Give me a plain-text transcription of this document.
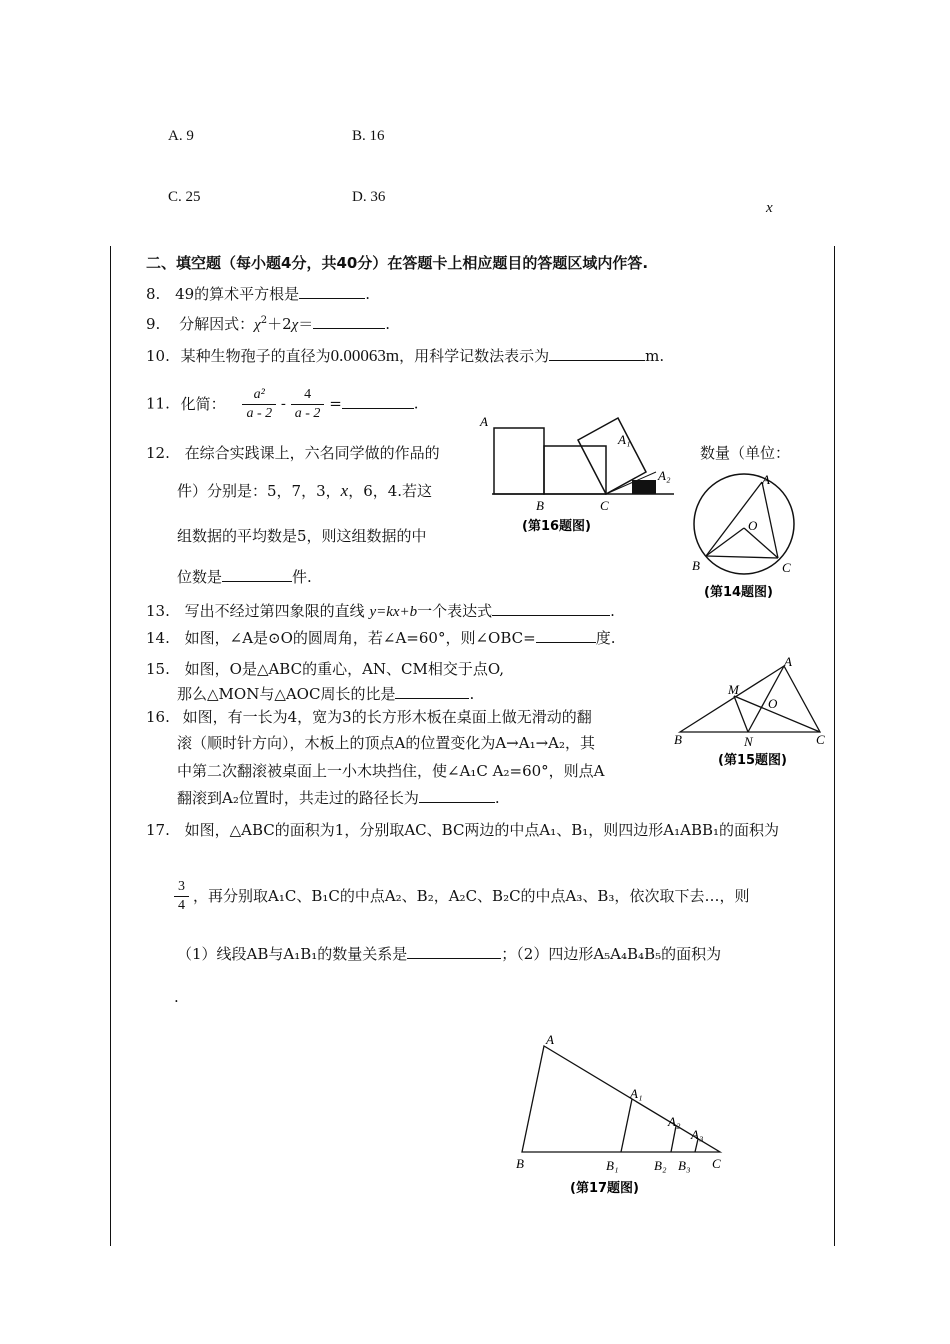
A. 9	B. 16
C. 25	D. 36
x
二、填空题（每小题4分，共40分）在答题卡上相应题目的答题区域内作答.
8. 49的算术平方根是	.
9. 分解因式：$\chi^2+2\chi=$	.
10. 某种生物孢子的直径为0.00063m，用科学记数法表示为	m.
11. 化简： $\frac{\text{a²}}{a - 2} - \frac{4}{a - 2}$ =	.
12. 在综合实践课上，六名同学做的作品的	数量（单位：
件）分别是：5，7，3，x，6，4.若这
组数据的平均数是5，则这组数据的中
位数是	件.
A
A₁
A₂
B	C
(第16题图)
A
O
B	C
(第14题图)
13. 写出不经过第四象限的直线 y=kx+b一个表达式	.
14. 如图，∠A是⊙O的圆周角，若∠A=60°，则∠OBC=	度.
15. 如图，O是△ABC的重心，AN、CM相交于点O,
那么△MON与△AOC周长的比是	.
A
M
O
B	N	C
(第15题图)
16. 如图，有一长为4，宽为3的长方形木板在桌面上做无滑动的翻
滚（顺时针方向），木板上的顶点A的位置变化为A→A₁→A₂，其
中第二次翻滚被桌面上一小木块挡住，使∠A₁C A₂=60°，则点A
翻滚到A₂位置时，共走过的路径长为	.
17. 如图，△ABC的面积为1，分别取AC、BC两边的中点A₁、B₁，则四边形A₁ABB₁的面积为
$\frac{3}{4}$ ，再分别取A₁C、B₁C的中点A₂、B₂，A₂C、B₂C的中点A₃、B₃，依次取下去…，则
（1）线段AB与A₁B₁的数量关系是	；（2）四边形A₅A₄B₄B₅的面积为
.
A
A₁
A₂
A₃
B	B₁	B₂ B₃ C
(第17题图)
